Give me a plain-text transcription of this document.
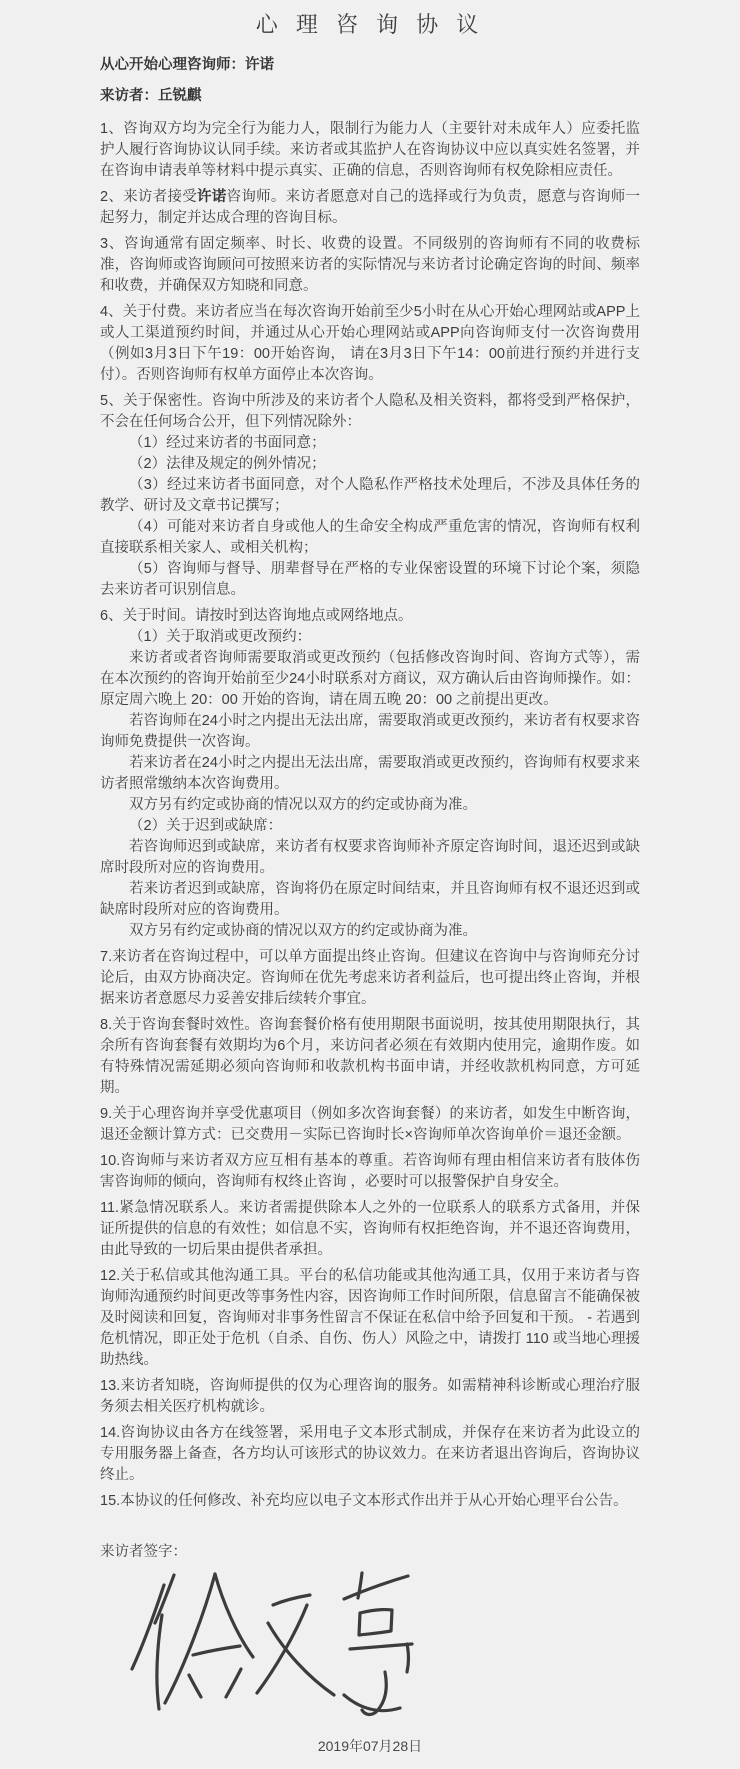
心 理 咨 询 协 议
从心开始心理咨询师：许诺
来访者：丘锐麒
1、咨询双方均为完全行为能力人，限制行为能力人（主要针对未成年人）应委托监护人履行咨询协议认同手续。来访者或其监护人在咨询协议中应以真实姓名签署，并在咨询申请表单等材料中提示真实、正确的信息，否则咨询师有权免除相应责任。
2、来访者接受许诺咨询师。来访者愿意对自己的选择或行为负责，愿意与咨询师一起努力，制定并达成合理的咨询目标。
3、咨询通常有固定频率、时长、收费的设置。不同级别的咨询师有不同的收费标准，咨询师或咨询顾问可按照来访者的实际情况与来访者讨论确定咨询的时间、频率和收费，并确保双方知晓和同意。
4、关于付费。来访者应当在每次咨询开始前至少5小时在从心开始心理网站或APP上或人工渠道预约时间，并通过从心开始心理网站或APP向咨询师支付一次咨询费用（例如3月3日下午19：00开始咨询， 请在3月3日下午14：00前进行预约并进行支付）。否则咨询师有权单方面停止本次咨询。
5、关于保密性。咨询中所涉及的来访者个人隐私及相关资料，都将受到严格保护，不会在任何场合公开，但下列情况除外：
（1）经过来访者的书面同意；
（2）法律及规定的例外情况；
（3）经过来访者书面同意，对个人隐私作严格技术处理后，不涉及具体任务的教学、研讨及文章书记撰写；
（4）可能对来访者自身或他人的生命安全构成严重危害的情况，咨询师有权利直接联系相关家人、或相关机构；
（5）咨询师与督导、朋辈督导在严格的专业保密设置的环境下讨论个案，须隐去来访者可识别信息。
6、关于时间。请按时到达咨询地点或网络地点。
（1）关于取消或更改预约：
来访者或者咨询师需要取消或更改预约（包括修改咨询时间、咨询方式等），需在本次预约的咨询开始前至少24小时联系对方商议，双方确认后由咨询师操作。如：原定周六晚上 20：00 开始的咨询，请在周五晚 20：00 之前提出更改。
若咨询师在24小时之内提出无法出席，需要取消或更改预约，来访者有权要求咨询师免费提供一次咨询。
若来访者在24小时之内提出无法出席，需要取消或更改预约，咨询师有权要求来访者照常缴纳本次咨询费用。
双方另有约定或协商的情况以双方的约定或协商为准。
（2）关于迟到或缺席：
若咨询师迟到或缺席，来访者有权要求咨询师补齐原定咨询时间，退还迟到或缺席时段所对应的咨询费用。
若来访者迟到或缺席，咨询将仍在原定时间结束，并且咨询师有权不退还迟到或缺席时段所对应的咨询费用。
双方另有约定或协商的情况以双方的约定或协商为准。
7.来访者在咨询过程中，可以单方面提出终止咨询。但建议在咨询中与咨询师充分讨论后，由双方协商决定。咨询师在优先考虑来访者利益后，也可提出终止咨询，并根据来访者意愿尽力妥善安排后续转介事宜。
8.关于咨询套餐时效性。咨询套餐价格有使用期限书面说明，按其使用期限执行，其余所有咨询套餐有效期均为6个月，来访问者必须在有效期内使用完，逾期作废。如有特殊情况需延期必须向咨询师和收款机构书面申请，并经收款机构同意，方可延期。
9.关于心理咨询并享受优惠项目（例如多次咨询套餐）的来访者，如发生中断咨询，退还金额计算方式：已交费用－实际已咨询时长×咨询师单次咨询单价＝退还金额。
10.咨询师与来访者双方应互相有基本的尊重。若咨询师有理由相信来访者有肢体伤害咨询师的倾向，咨询师有权终止咨询 ，必要时可以报警保护自身安全。
11.紧急情况联系人。来访者需提供除本人之外的一位联系人的联系方式备用，并保证所提供的信息的有效性；如信息不实，咨询师有权拒绝咨询，并不退还咨询费用，由此导致的一切后果由提供者承担。
12.关于私信或其他沟通工具。平台的私信功能或其他沟通工具，仅用于来访者与咨询师沟通预约时间更改等事务性内容，因咨询师工作时间所限，信息留言不能确保被及时阅读和回复，咨询师对非事务性留言不保证在私信中给予回复和干预。 - 若遇到危机情况，即正处于危机（自杀、自伤、伤人）风险之中，请拨打 110 或当地心理援助热线。
13.来访者知晓，咨询师提供的仅为心理咨询的服务。如需精神科诊断或心理治疗服务须去相关医疗机构就诊。
14.咨询协议由各方在线签署，采用电子文本形式制成，并保存在来访者为此设立的专用服务器上备查，各方均认可该形式的协议效力。在来访者退出咨询后，咨询协议终止。
15.本协议的任何修改、补充均应以电子文本形式作出并于从心开始心理平台公告。
来访者签字：
2019年07月28日
